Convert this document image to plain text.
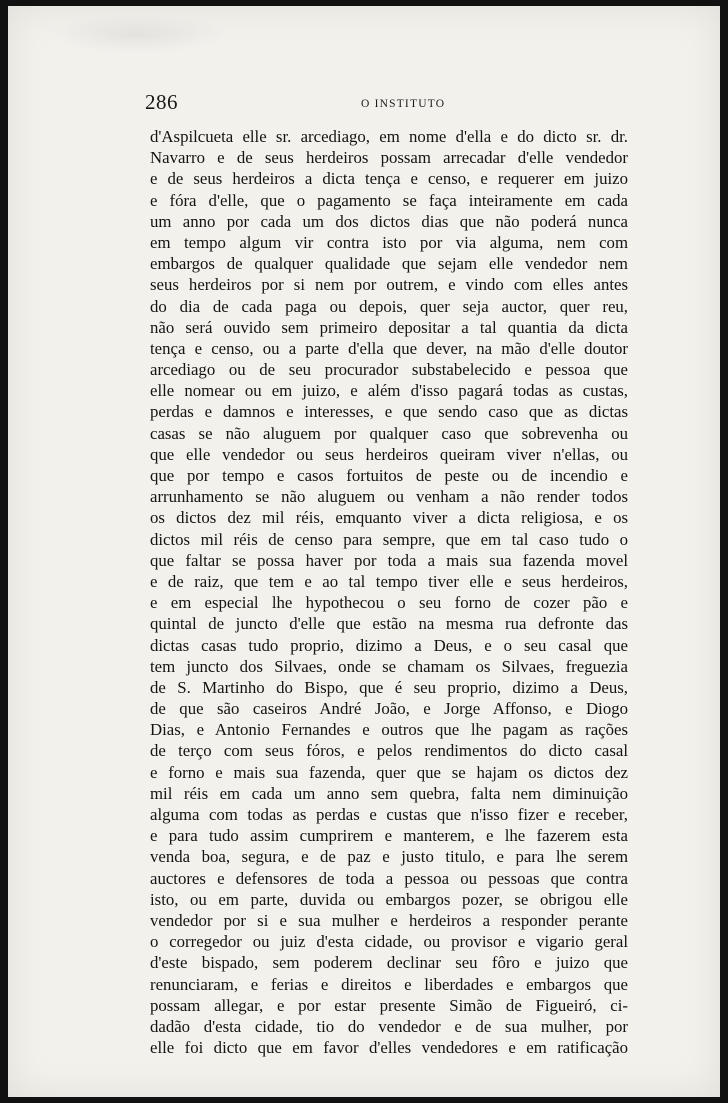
286	O INSTITUTO
d'Aspilcueta elle sr. arcediago, em nome d'ella e do dicto sr. dr.
Navarro e de seus herdeiros possam arrecadar d'elle vendedor
e de seus herdeiros a dicta tença e censo, e requerer em juizo
e fóra d'elle, que o pagamento se faça inteiramente em cada
um anno por cada um dos dictos dias que não poderá nunca
em tempo algum vir contra isto por via alguma, nem com
embargos de qualquer qualidade que sejam elle vendedor nem
seus herdeiros por si nem por outrem, e vindo com elles antes
do dia de cada paga ou depois, quer seja auctor, quer reu,
não será ouvido sem primeiro depositar a tal quantia da dicta
tença e censo, ou a parte d'ella que dever, na mão d'elle doutor
arcediago ou de seu procurador substabelecido e pessoa que
elle nomear ou em juizo, e além d'isso pagará todas as custas,
perdas e damnos e interesses, e que sendo caso que as dictas
casas se não aluguem por qualquer caso que sobrevenha ou
que elle vendedor ou seus herdeiros queiram viver n'ellas, ou
que por tempo e casos fortuitos de peste ou de incendio e
arrunhamento se não aluguem ou venham a não render todos
os dictos dez mil réis, emquanto viver a dicta religiosa, e os
dictos mil réis de censo para sempre, que em tal caso tudo o
que faltar se possa haver por toda a mais sua fazenda movel
e de raiz, que tem e ao tal tempo tiver elle e seus herdeiros,
e em especial lhe hypothecou o seu forno de cozer pão e
quintal de juncto d'elle que estão na mesma rua defronte das
dictas casas tudo proprio, dizimo a Deus, e o seu casal que
tem juncto dos Silvaes, onde se chamam os Silvaes, freguezia
de S. Martinho do Bispo, que é seu proprio, dizimo a Deus,
de que são caseiros André João, e Jorge Affonso, e Diogo
Dias, e Antonio Fernandes e outros que lhe pagam as rações
de terço com seus fóros, e pelos rendimentos do dicto casal
e forno e mais sua fazenda, quer que se hajam os dictos dez
mil réis em cada um anno sem quebra, falta nem diminuição
alguma com todas as perdas e custas que n'isso fizer e receber,
e para tudo assim cumprirem e manterem, e lhe fazerem esta
venda boa, segura, e de paz e justo titulo, e para lhe serem
auctores e defensores de toda a pessoa ou pessoas que contra
isto, ou em parte, duvida ou embargos pozer, se obrigou elle
vendedor por si e sua mulher e herdeiros a responder perante
o corregedor ou juiz d'esta cidade, ou provisor e vigario geral
d'este bispado, sem poderem declinar seu fôro e juizo que
renunciaram, e ferias e direitos e liberdades e embargos que
possam allegar, e por estar presente Simão de Figueiró, ci-
dadão d'esta cidade, tio do vendedor e de sua mulher, por
elle foi dicto que em favor d'elles vendedores e em ratificação
